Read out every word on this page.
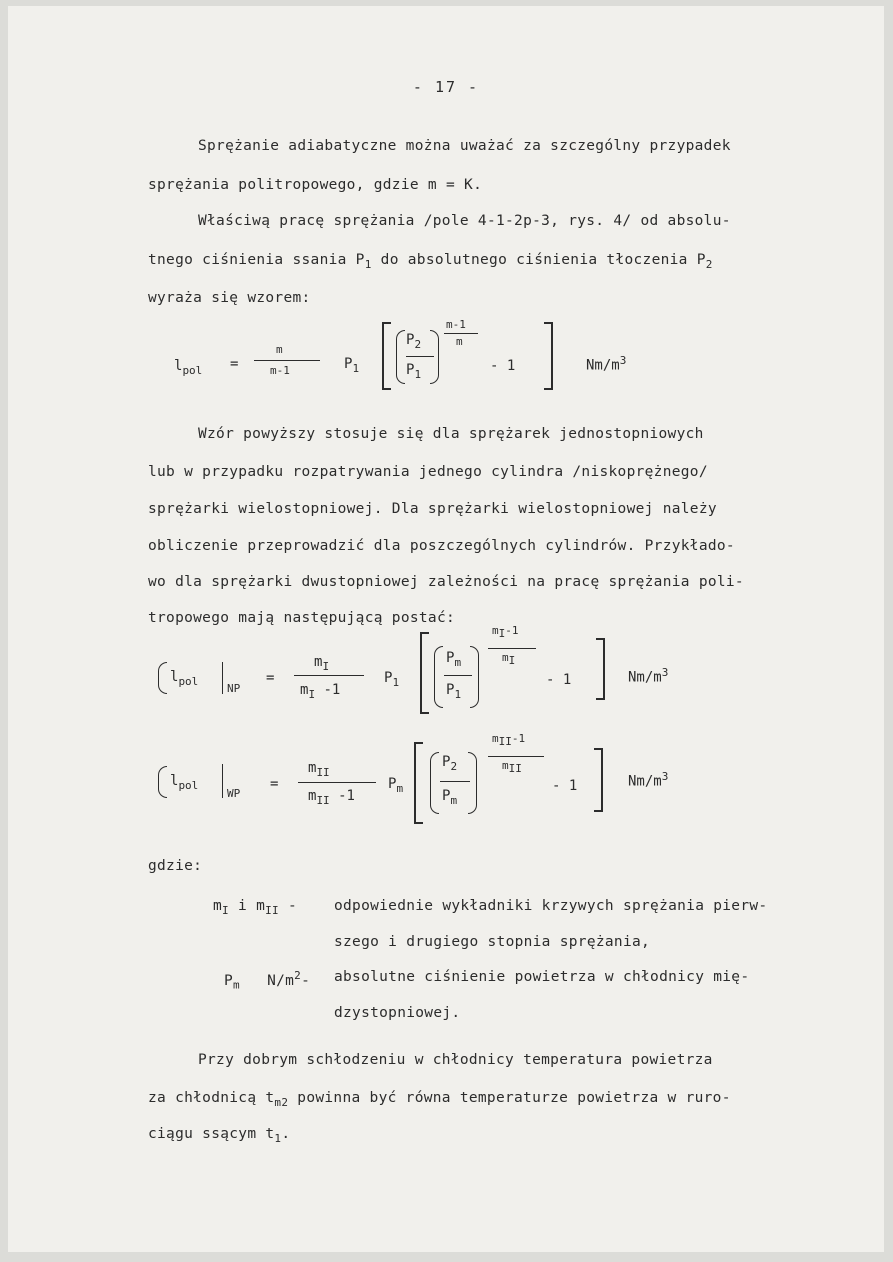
- 17 -
Sprężanie adiabatyczne można uważać za szczególny przypadek
sprężania politropowego, gdzie m = K.
Właściwą pracę sprężania /pole 4-1-2p-3, rys. 4/ od absolu-
tnego ciśnienia ssania $P_1$ do absolutnego ciśnienia tłoczenia $P_2$
wyraża się wzorem:
$l_{pol}$ =
m
m-1	$P_1$
$P_2$
$P_1$
m-1
m
- 1	$Nm/m^3$
Wzór powyższy stosuje się dla sprężarek jednostopniowych
lub w przypadku rozpatrywania jednego cylindra /niskoprężnego/
sprężarki wielostopniowej. Dla sprężarki wielostopniowej należy
obliczenie przeprowadzić dla poszczególnych cylindrów. Przykłado-
wo dla sprężarki dwustopniowej zależności na pracę sprężania poli-
tropowego mają następującą postać:
$l_{pol}$
NP
=
$m_I$
$m_I$ -1
$P_1$
$P_m$
$P_1$
$m_I-1$
$m_I$
- 1	$Nm/m^3$
$l_{pol}$
WP
=
$m_{II}$
$m_{II}$ -1
$P_m$
$P_2$
$P_m$
$m_{II}-1$
$m_{II}$
- 1	$Nm/m^3$
gdzie:
$m_I$ i $m_{II}$ -	odpowiednie wykładniki krzywych sprężania pierw-
szego i drugiego stopnia sprężania,
$P_m$ $N/m^2-$ absolutne ciśnienie powietrza w chłodnicy mię-
dzystopniowej.
Przy dobrym schłodzeniu w chłodnicy temperatura powietrza
za chłodnicą $t_{m2}$ powinna być równa temperaturze powietrza w ruro-
ciągu ssącym $t_1$.
